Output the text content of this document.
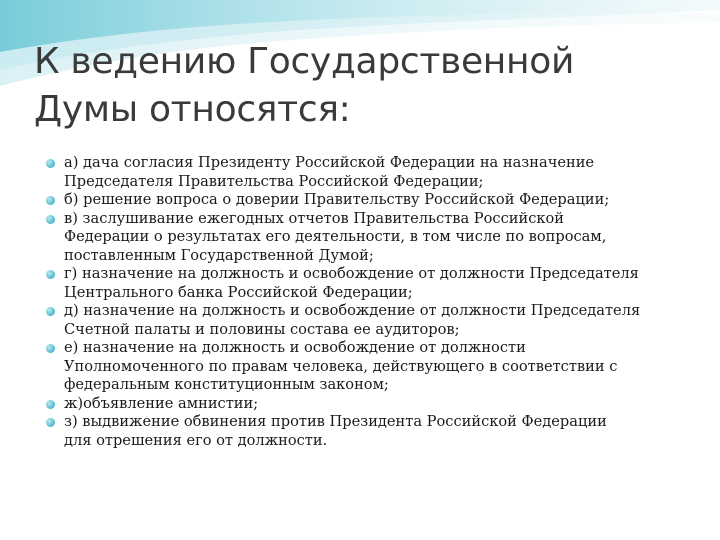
К ведению Государственной
Думы относятся:
а) дача согласия Президенту Российской Федерации на назначение
Председателя Правительства Российской Федерации;
б) решение вопроса о доверии Правительству Российской Федерации;
в) заслушивание ежегодных отчетов Правительства Российской
Федерации о результатах его деятельности, в том числе по вопросам,
поставленным Государственной Думой;
г) назначение на должность и освобождение от должности Председателя
Центрального банка Российской Федерации;
д) назначение на должность и освобождение от должности Председателя
Счетной палаты и половины состава ее аудиторов;
е) назначение на должность и освобождение от должности
Уполномоченного по правам человека, действующего в соответствии с
федеральным конституционным законом;
ж)объявление амнистии;
з) выдвижение обвинения против Президента Российской Федерации
для отрешения его от должности.
